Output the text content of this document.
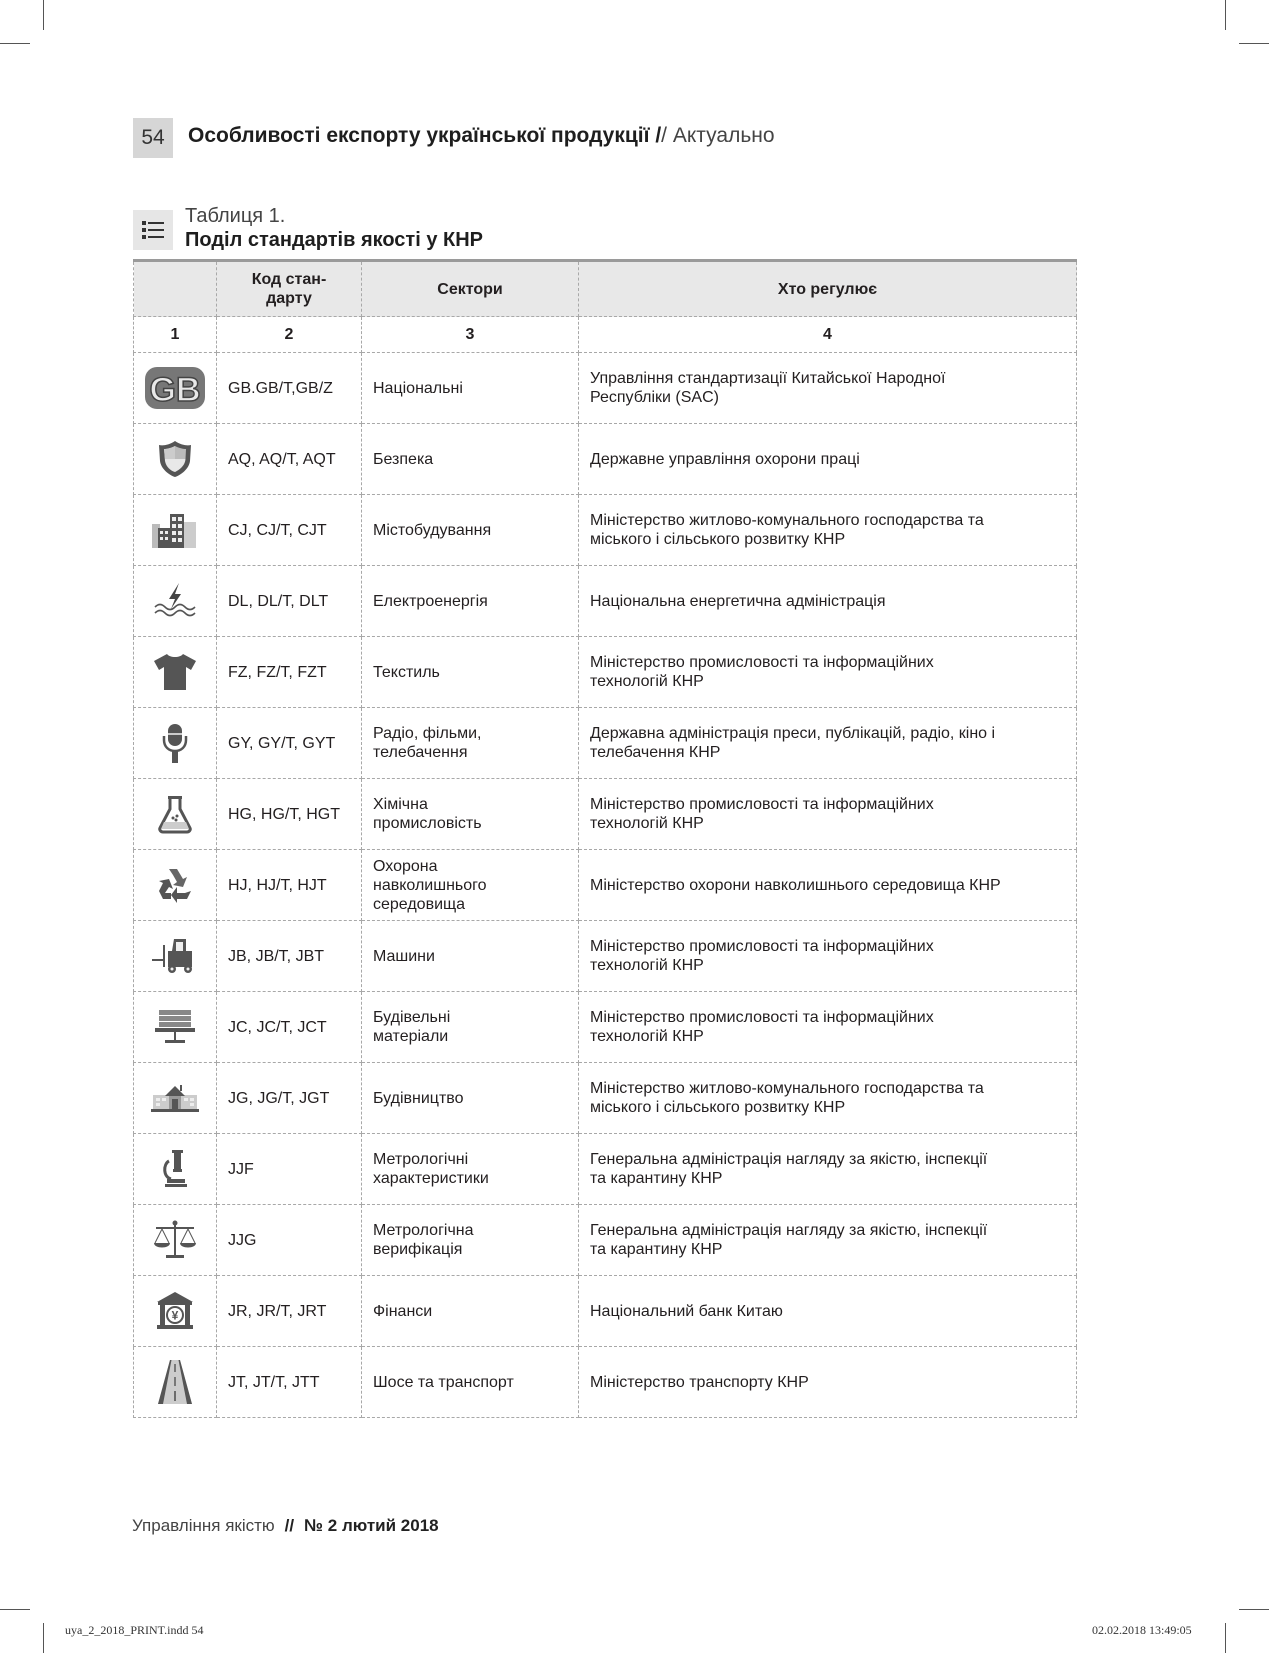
54	Особливості експорту української продукції // Актуально
Таблиця 1.
Поділ стандартів якості у КНР
	Код стан-дарту	Сектори	Хто регулює
1	2	3	4

GB	GB.GB/T,GB/Z	Національні	Управління стандартизації Китайської Народної Республіки (SAC)
	AQ, AQ/T, AQT	Безпека	Державне управління охорони праці
	CJ, CJ/T, CJT	Містобудування	Міністерство житлово-комунального господарства та міського і сільського розвитку КНР
	DL, DL/T, DLT	Електроенергія	Національна енергетична адміністрація
	FZ, FZ/T, FZT	Текстиль	Міністерство промисловості та інформаційних технологій КНР
	GY, GY/T, GYT	Радіо, фільми, телебачення	Державна адміністрація преси, публікацій, радіо, кіно і телебачення КНР
	HG, HG/T, HGT	Хімічна промисловість	Міністерство промисловості та інформаційних технологій КНР
	HJ, HJ/T, HJT	Охорона навколишнього середовища	Міністерство охорони навколишнього середовища КНР
	JB, JB/T, JBT	Машини	Міністерство промисловості та інформаційних технологій КНР
	JC, JC/T, JCT	Будівельні матеріали	Міністерство промисловості та інформаційних технологій КНР
	JG, JG/T, JGT	Будівництво	Міністерство житлово-комунального господарства та міського і сільського розвитку КНР
	JJF	Метрологічні характеристики	Генеральна адміністрація нагляду за якістю, інспекції та карантину КНР
	JJG	Метрологічна верифікація	Генеральна адміністрація нагляду за якістю, інспекції та карантину КНР

¥	JR, JR/T, JRT	Фінанси	Національний банк Китаю
	JT, JT/T, JTT	Шосе та транспорт	Міністерство транспорту КНР
Управління якістю // № 2 лютий 2018
uya_2_2018_PRINT.indd 54	02.02.2018 13:49:05
